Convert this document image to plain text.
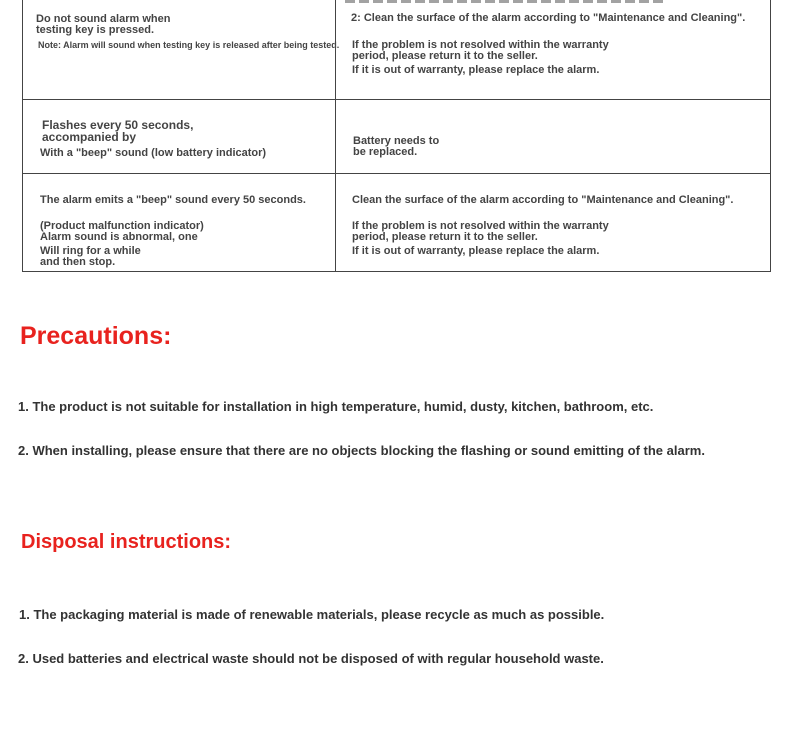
Do not sound alarm when
testing key is pressed.
Note: Alarm will sound when testing key is released after being tested.
2: Clean the surface of the alarm according to "Maintenance and Cleaning".
If the problem is not resolved within the warranty
period, please return it to the seller.
If it is out of warranty, please replace the alarm.
Flashes every 50 seconds,
accompanied by
With a "beep" sound (low battery indicator)
Battery needs to
be replaced.
The alarm emits a "beep" sound every 50 seconds.
(Product malfunction indicator)
Alarm sound is abnormal, one
Will ring for a while
and then stop.
Clean the surface of the alarm according to "Maintenance and Cleaning".
If the problem is not resolved within the warranty
period, please return it to the seller.
If it is out of warranty, please replace the alarm.
Precautions:
1. The product is not suitable for installation in high temperature, humid, dusty, kitchen, bathroom, etc.
2. When installing, please ensure that there are no objects blocking the flashing or sound emitting of the alarm.
Disposal instructions:
1. The packaging material is made of renewable materials, please recycle as much as possible.
2. Used batteries and electrical waste should not be disposed of with regular household waste.
